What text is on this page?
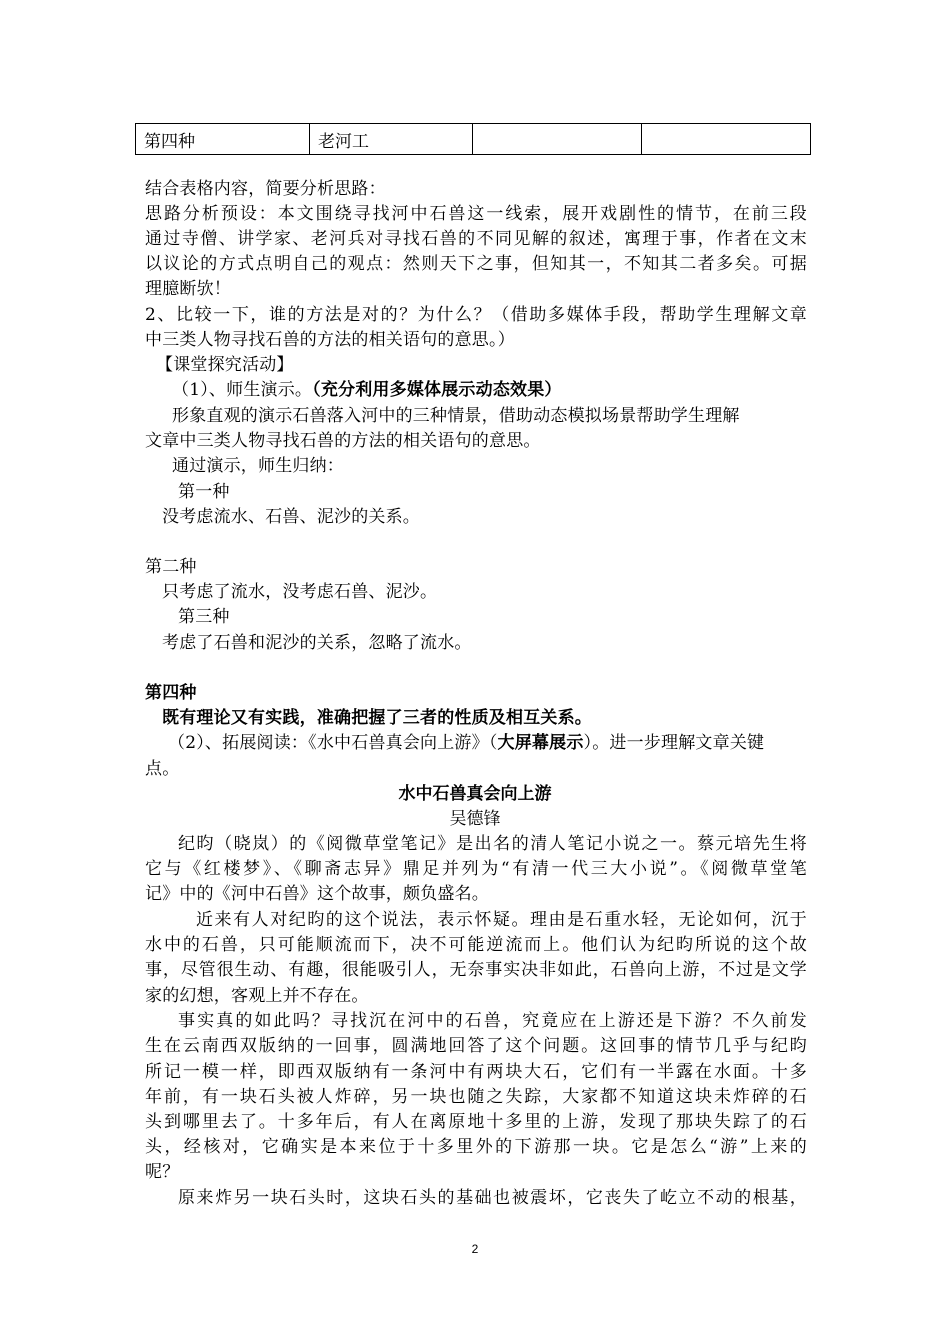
第四种	老河工		
结合表格内容，简要分析思路：
思路分析预设：本文围绕寻找河中石兽这一线索，展开戏剧性的情节，在前三段
通过寺僧、讲学家、老河兵对寻找石兽的不同见解的叙述，寓理于事，作者在文末
以议论的方式点明自己的观点：然则天下之事，但知其一，不知其二者多矣。可据
理臆断欤！
2、比较一下，谁的方法是对的？为什么？（借助多媒体手段，帮助学生理解文章
中三类人物寻找石兽的方法的相关语句的意思。）
【课堂探究活动】
（1）、师生演示。（充分利用多媒体展示动态效果）
形象直观的演示石兽落入河中的三种情景，借助动态模拟场景帮助学生理解
文章中三类人物寻找石兽的方法的相关语句的意思。
通过演示，师生归纳：
第一种
没考虑流水、石兽、泥沙的关系。
第二种
只考虑了流水，没考虑石兽、泥沙。
第三种
考虑了石兽和泥沙的关系，忽略了流水。
第四种
既有理论又有实践，准确把握了三者的性质及相互关系。
（2）、拓展阅读：《水中石兽真会向上游》（大屏幕展示）。进一步理解文章关键
点。
水中石兽真会向上游
吴德锋
纪昀（晓岚）的《阅微草堂笔记》是出名的清人笔记小说之一。蔡元培先生将
它与《红楼梦》、《聊斋志异》鼎足并列为“有清一代三大小说”。《阅微草堂笔
记》中的《河中石兽》这个故事，颇负盛名。
近来有人对纪昀的这个说法，表示怀疑。理由是石重水轻，无论如何，沉于
水中的石兽，只可能顺流而下，决不可能逆流而上。他们认为纪昀所说的这个故
事，尽管很生动、有趣，很能吸引人，无奈事实决非如此，石兽向上游，不过是文学
家的幻想，客观上并不存在。
事实真的如此吗？寻找沉在河中的石兽，究竟应在上游还是下游？不久前发
生在云南西双版纳的一回事，圆满地回答了这个问题。这回事的情节几乎与纪昀
所记一模一样，即西双版纳有一条河中有两块大石，它们有一半露在水面。十多
年前，有一块石头被人炸碎，另一块也随之失踪，大家都不知道这块未炸碎的石
头到哪里去了。十多年后，有人在离原地十多里的上游，发现了那块失踪了的石
头，经核对，它确实是本来位于十多里外的下游那一块。它是怎么“游”上来的
呢？
原来炸另一块石头时，这块石头的基础也被震坏，它丧失了屹立不动的根基，
2
